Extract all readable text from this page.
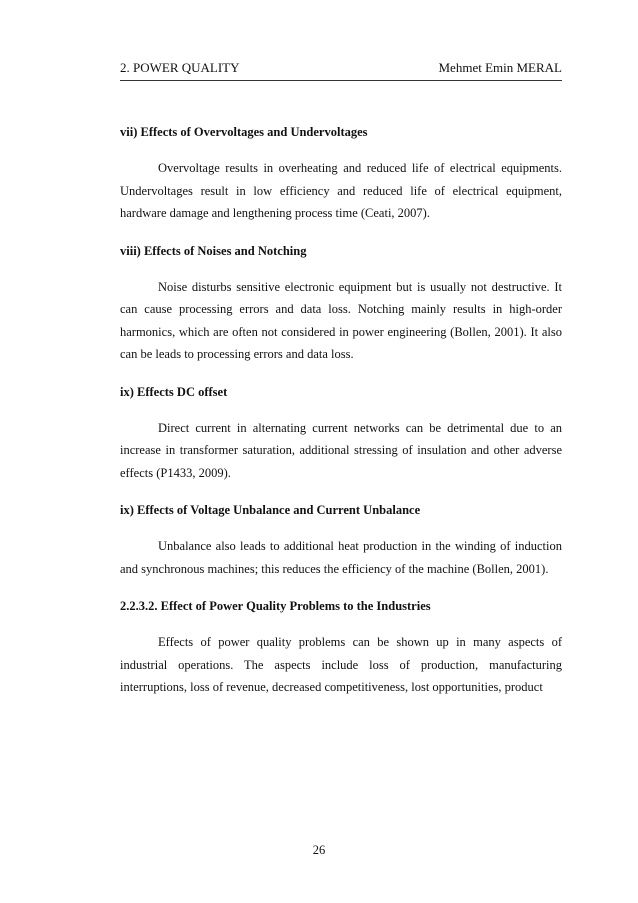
2. POWER QUALITY	Mehmet Emin MERAL

vii) Effects of Overvoltages and Undervoltages

Overvoltage results in overheating and reduced life of electrical equipments. Undervoltages result in low efficiency and reduced life of electrical equipment, hardware damage and lengthening process time (Ceati, 2007).

viii) Effects of Noises and Notching

Noise disturbs sensitive electronic equipment but is usually not destructive. It can cause processing errors and data loss. Notching mainly results in high-order harmonics, which are often not considered in power engineering (Bollen, 2001). It also can be leads to processing errors and data loss.

ix) Effects DC offset

Direct current in alternating current networks can be detrimental due to an increase in transformer saturation, additional stressing of insulation and other adverse effects (P1433, 2009).

ix) Effects of Voltage Unbalance and Current Unbalance

Unbalance also leads to additional heat production in the winding of induction and synchronous machines; this reduces the efficiency of the machine (Bollen, 2001).

2.2.3.2. Effect of Power Quality Problems to the Industries

Effects of power quality problems can be shown up in many aspects of industrial operations. The aspects include loss of production, manufacturing interruptions, loss of revenue, decreased competitiveness, lost opportunities, product

26
